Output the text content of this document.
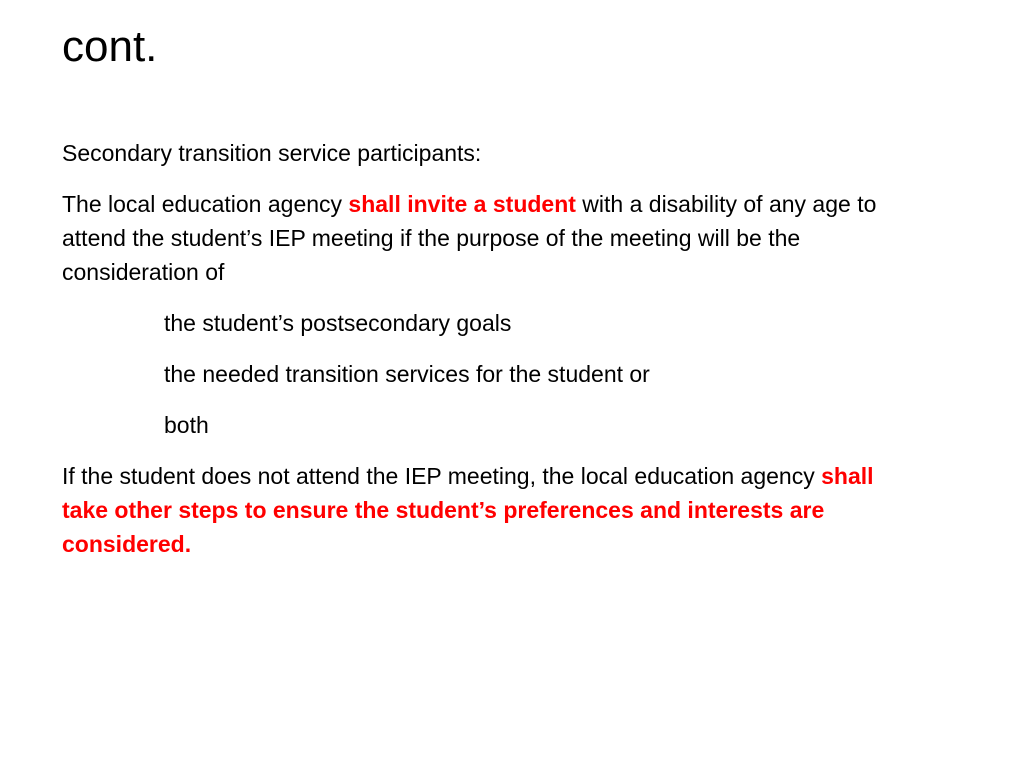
cont.

Secondary transition service participants:

The local education agency shall invite a student with a disability of any age to attend the student’s IEP meeting if the purpose of the meeting will be the consideration of

the student’s postsecondary goals

the needed transition services for the student or

both

If the student does not attend the IEP meeting, the local education agency shall take other steps to ensure the student’s preferences and interests are considered.
